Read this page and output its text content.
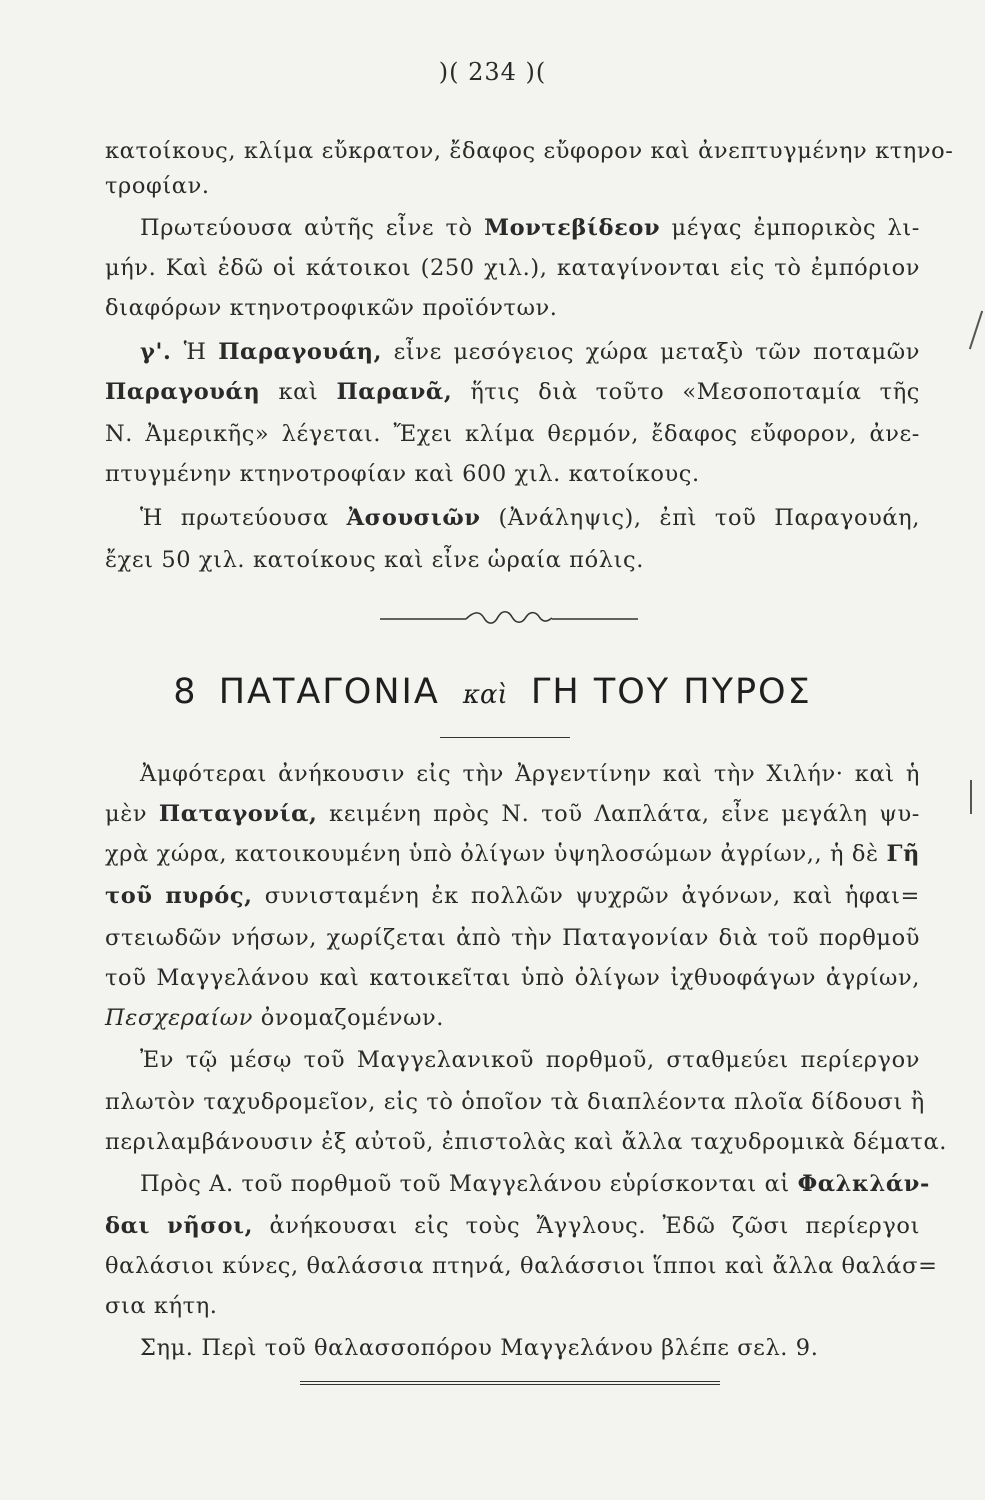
)( 234 )(
κατοίκους, κλίμα εὔκρατον, ἔδαφος εὔφορον καὶ ἀνεπτυγμένην κτηνο-
τροφίαν.
Πρωτεύουσα αὐτῆς εἶνε τὸ Μοντεβίδεον μέγας ἐμπορικὸς λι-
μήν. Καὶ ἐδῶ οἱ κάτοικοι (250 χιλ.), καταγίνονται εἰς τὸ ἐμπόριον
διαφόρων κτηνοτροφικῶν προϊόντων.
γ'. Ἡ Παραγουάη, εἶνε μεσόγειος χώρα μεταξὺ τῶν ποταμῶν
Παραγουάη καὶ Παρανᾶ, ἥτις διὰ τοῦτο «Μεσοποταμία τῆς
Ν. Ἀμερικῆς» λέγεται. Ἔχει κλίμα θερμόν, ἔδαφος εὔφορον, ἀνε-
πτυγμένην κτηνοτροφίαν καὶ 600 χιλ. κατοίκους.
Ἡ πρωτεύουσα Ἀσουσιῶν (Ἀνάληψις), ἐπὶ τοῦ Παραγουάη,
ἔχει 50 χιλ. κατοίκους καὶ εἶνε ὡραία πόλις.
Ἀμφότεραι ἀνήκουσιν εἰς τὴν Ἀργεντίνην καὶ τὴν Χιλήν· καὶ ἡ
μὲν Παταγονία, κειμένη πρὸς Ν. τοῦ Λαπλάτα, εἶνε μεγάλη ψυ-
χρὰ χώρα, κατοικουμένη ὑπὸ ὀλίγων ὑψηλοσώμων ἀγρίων,, ἡ δὲ Γῆ
τοῦ πυρός, συνισταμένη ἐκ πολλῶν ψυχρῶν ἀγόνων, καὶ ἡφαι=
στειωδῶν νήσων, χωρίζεται ἀπὸ τὴν Παταγονίαν διὰ τοῦ πορθμοῦ
τοῦ Μαγγελάνου καὶ κατοικεῖται ὑπὸ ὀλίγων ἰχθυοφάγων ἀγρίων,
Πεσχεραίων ὀνομαζομένων.
Ἐν τῷ μέσῳ τοῦ Μαγγελανικοῦ πορθμοῦ, σταθμεύει περίεργον
πλωτὸν ταχυδρομεῖον, εἰς τὸ ὁποῖον τὰ διαπλέοντα πλοῖα δίδουσι ἢ
περιλαμβάνουσιν ἐξ αὐτοῦ, ἐπιστολὰς καὶ ἄλλα ταχυδρομικὰ δέματα.
Πρὸς Α. τοῦ πορθμοῦ τοῦ Μαγγελάνου εὑρίσκονται αἱ Φαλκλάν-
δαι νῆσοι, ἀνήκουσαι εἰς τοὺς Ἄγγλους. Ἐδῶ ζῶσι περίεργοι
θαλάσιοι κύνες, θαλάσσια πτηνά, θαλάσσιοι ἵπποι καὶ ἄλλα θαλάσ=
σια κήτη.
Σημ. Περὶ τοῦ θαλασσοπόρου Μαγγελάνου βλέπε σελ. 9.
8 ΠΑΤΑΓΟΝΙΑ καὶ ΓΗ ΤΟΥ ΠΥΡΟΣ
